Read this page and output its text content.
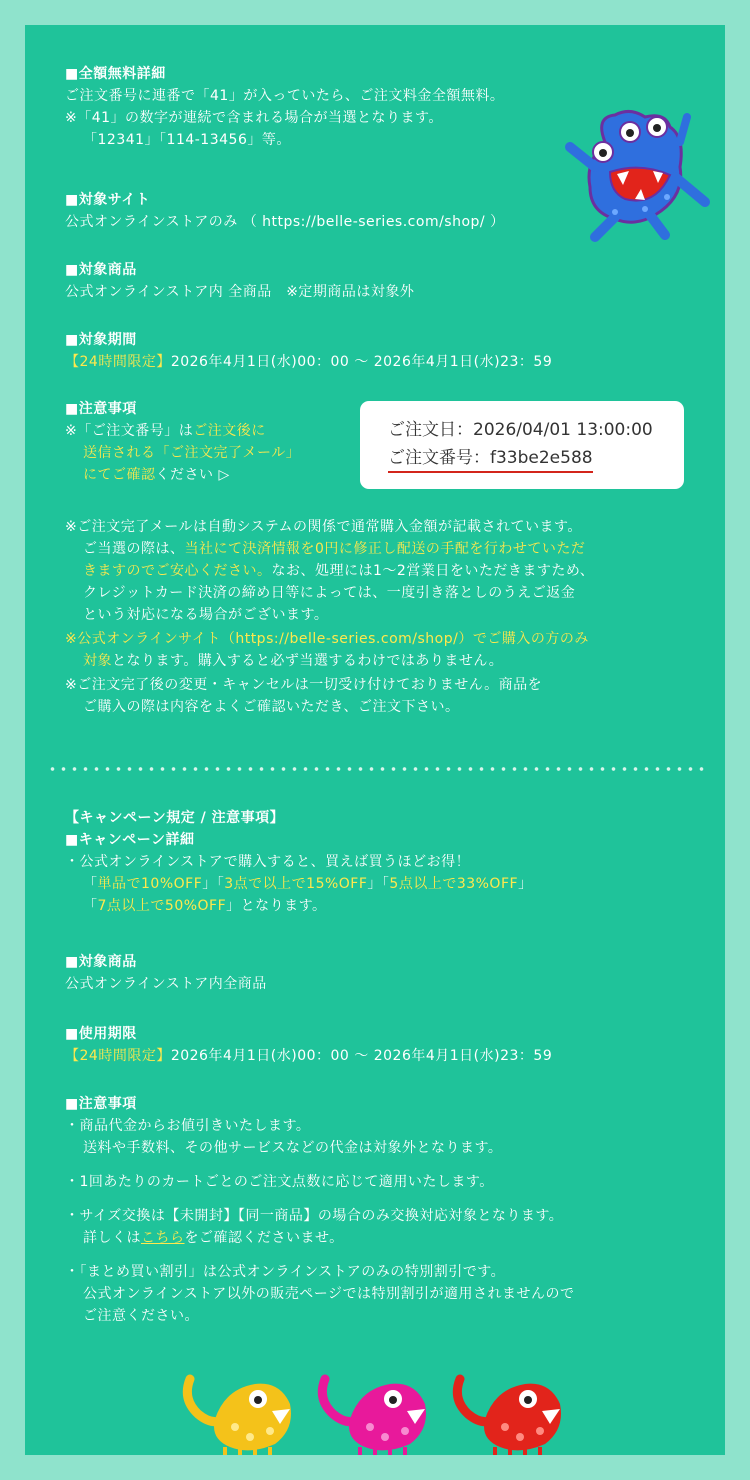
■全額無料詳細

ご注文番号に連番で「41」が入っていたら、ご注文料金全額無料。

※「41」の数字が連続で含まれる場合が当選となります。

「12341」「114-13456」等。

■対象サイト

公式オンラインストアのみ （ https://belle-series.com/shop/ ）

■対象商品

公式オンラインストア内 全商品　※定期商品は対象外

■対象期間

【24時間限定】2026年4月1日(水)00：00 ～ 2026年4月1日(水)23：59

■注意事項

※「ご注文番号」はご注文後に

送信される「ご注文完了メール」

にてご確認ください ▷

ご注文日：2026/04/01 13:00:00
ご注文番号：f33be2e588

※ご注文完了メールは自動システムの関係で通常購入金額が記載されています。

ご当選の際は、当社にて決済情報を0円に修正し配送の手配を行わせていただ

きますのでご安心ください。なお、処理には1～2営業日をいただきますため、

クレジットカード決済の締め日等によっては、一度引き落としのうえご返金

という対応になる場合がございます。

※公式オンラインサイト（https://belle-series.com/shop/）でご購入の方のみ

対象となります。購入すると必ず当選するわけではありません。

※ご注文完了後の変更・キャンセルは一切受け付けておりません。商品を

ご購入の際は内容をよくご確認いただき、ご注文下さい。

【キャンペーン規定 / 注意事項】

■キャンペーン詳細

・公式オンラインストアで購入すると、買えば買うほどお得！

「単品で10%OFF」「3点で以上で15%OFF」「5点以上で33%OFF」

「7点以上で50%OFF」となります。

■対象商品

公式オンラインストア内全商品

■使用期限

【24時間限定】2026年4月1日(水)00：00 ～ 2026年4月1日(水)23：59

■注意事項

・商品代金からお値引きいたします。

送料や手数料、その他サービスなどの代金は対象外となります。

・1回あたりのカートごとのご注文点数に応じて適用いたします。

・サイズ交換は【未開封】【同一商品】の場合のみ交換対応対象となります。

詳しくはこちらをご確認くださいませ。

・「まとめ買い割引」は公式オンラインストアのみの特別割引です。

公式オンラインストア以外の販売ページでは特別割引が適用されませんので

ご注意ください。
